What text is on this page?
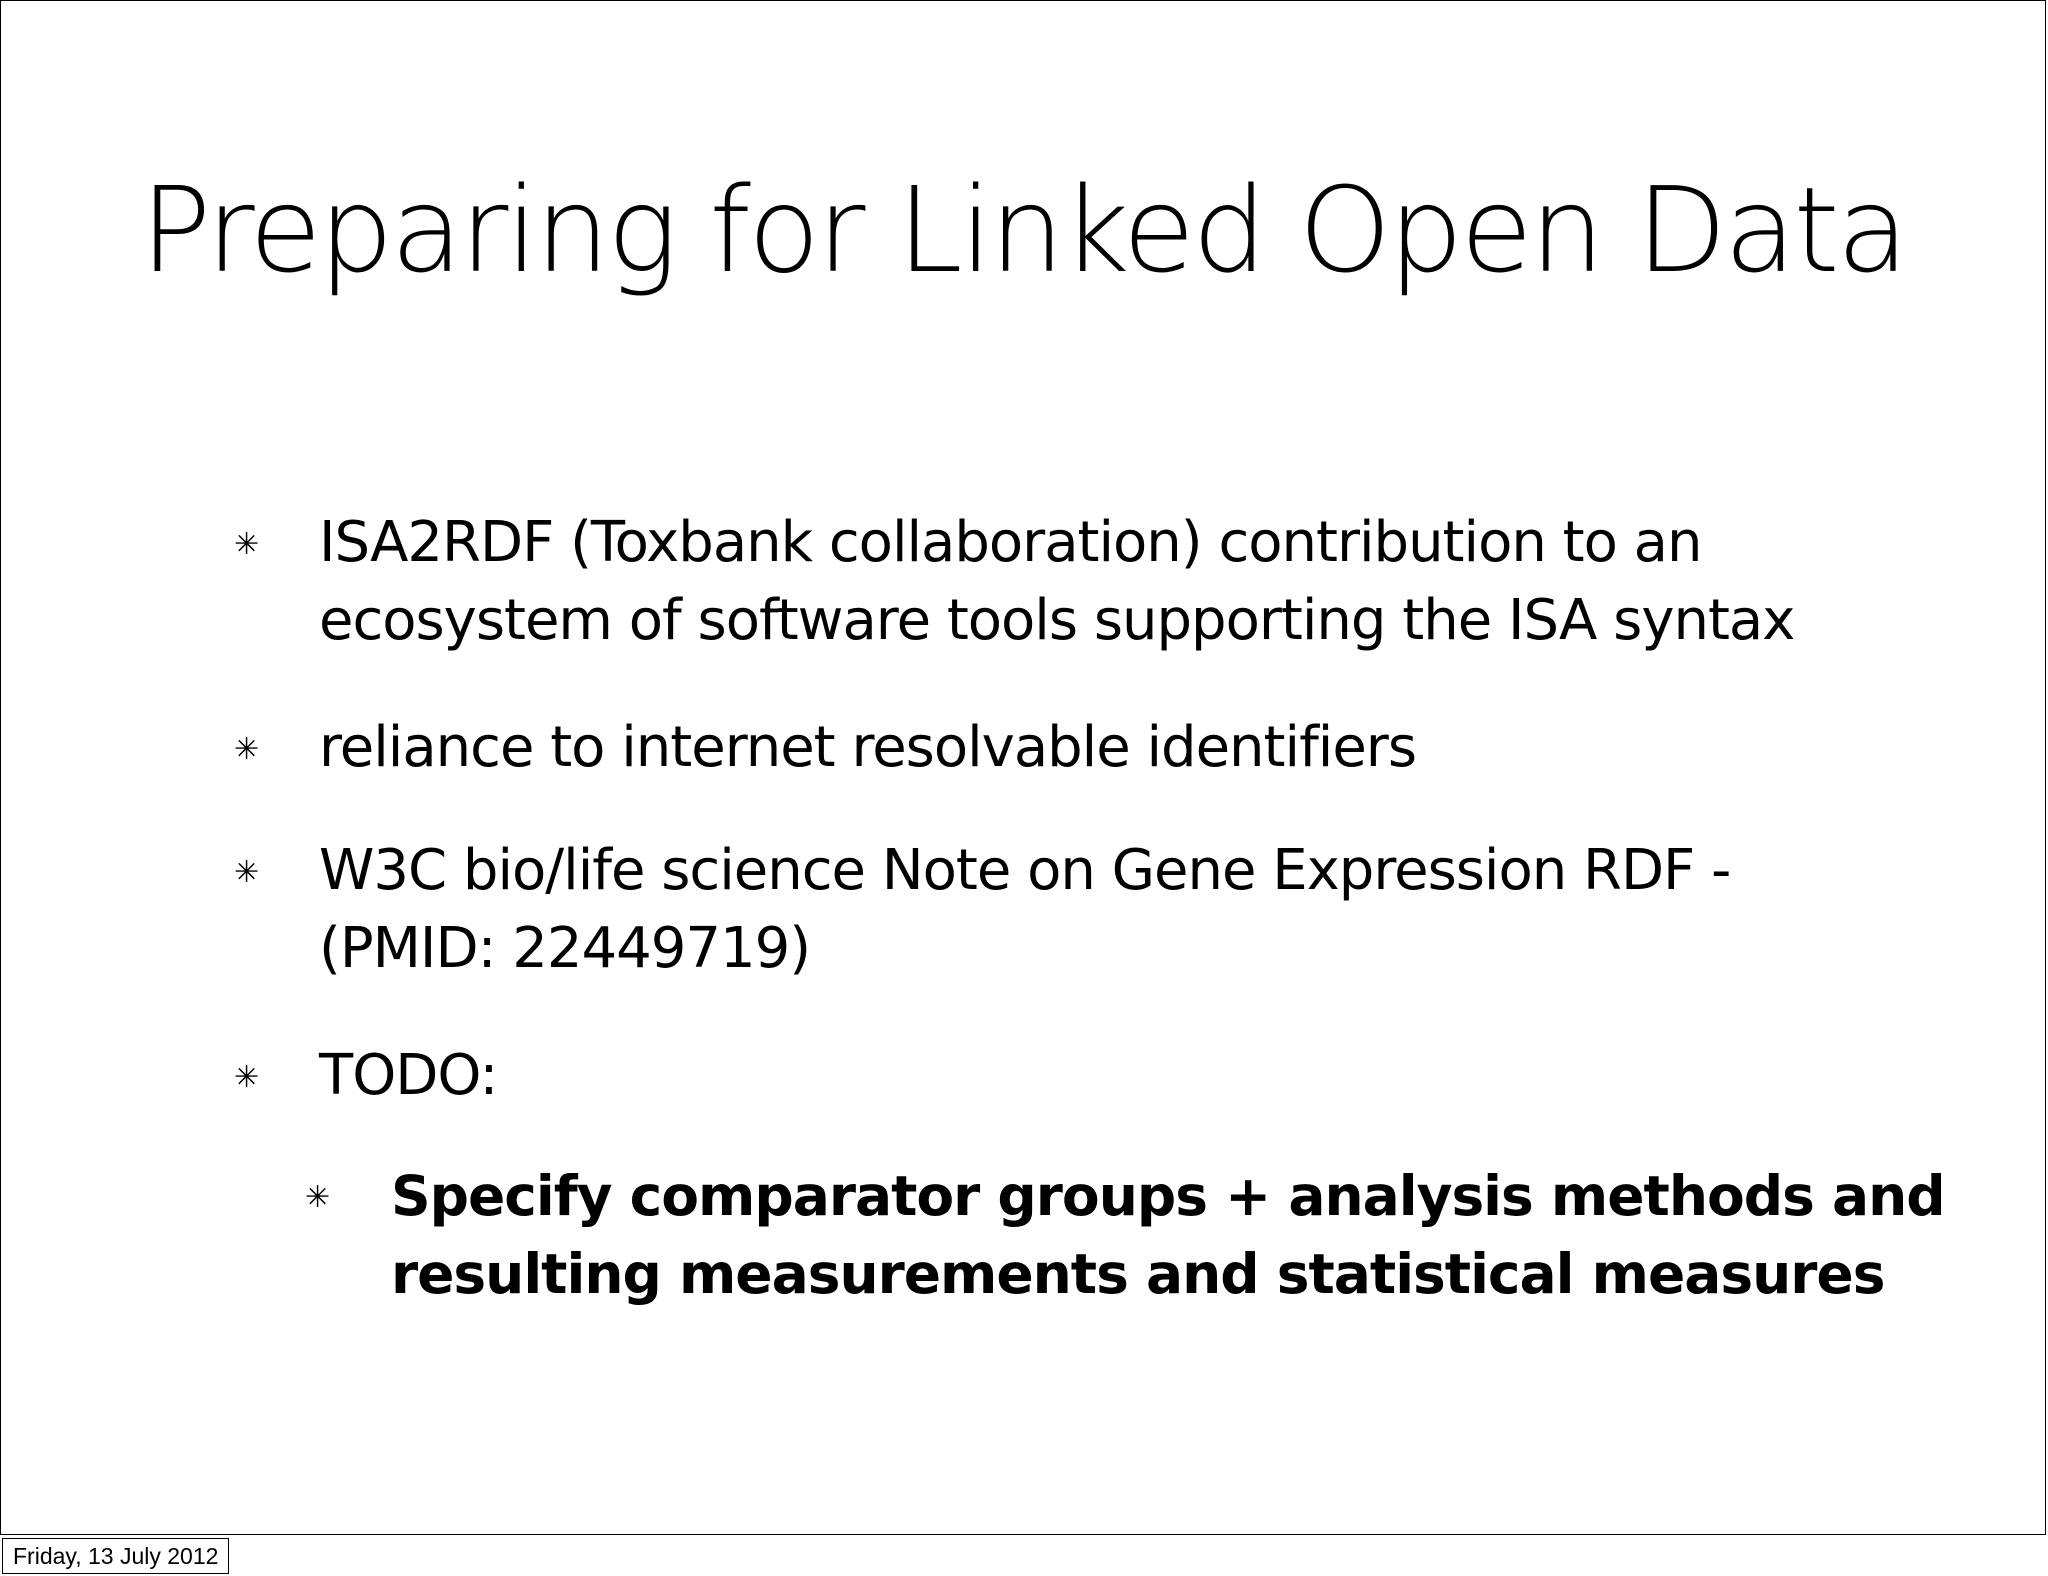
Preparing for Linked Open Data
✳ ISA2RDF (Toxbank collaboration) contribution to an
ecosystem of software tools supporting the ISA syntax
✳ reliance to internet resolvable identifiers
✳ W3C bio/life science Note on Gene Expression RDF -
(PMID: 22449719)
✳ TODO:
✳ Specify comparator groups + analysis methods and
resulting measurements and statistical measures
Friday, 13 July 2012
